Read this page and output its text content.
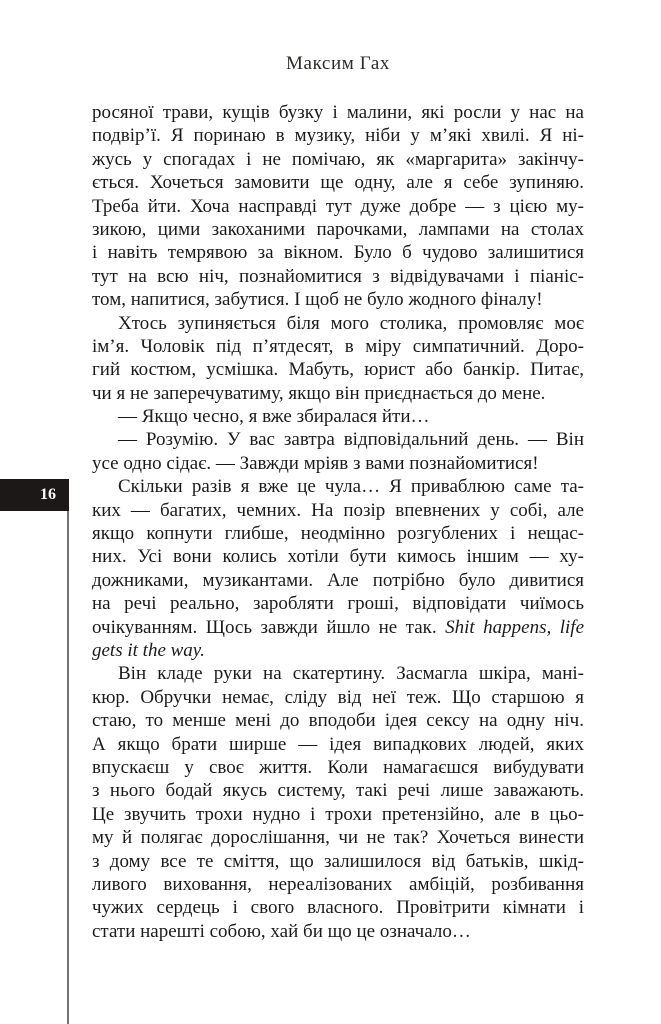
Максим Гах
16
росяної трави, кущів бузку і малини, які росли у нас на
подвір’ї. Я поринаю в музику, ніби у м’які хвилі. Я ні-
жусь у спогадах і не помічаю, як «маргарита» закінчу-
ється. Хочеться замовити ще одну, але я себе зупиняю.
Треба йти. Хоча насправді тут дуже добре — з цією му-
зикою, цими закоханими парочками, лампами на столах
і навіть темрявою за вікном. Було б чудово залишитися
тут на всю ніч, познайомитися з відвідувачами і піаніс-
том, напитися, забутися. І щоб не було жодного фіналу!
Хтось зупиняється біля мого столика, промовляє моє
ім’я. Чоловік під п’ятдесят, в міру симпатичний. Доро-
гий костюм, усмішка. Мабуть, юрист або банкір. Питає,
чи я не заперечуватиму, якщо він приєднається до мене.
— Якщо чесно, я вже збиралася йти…
— Розумію. У вас завтра відповідальний день. — Він
усе одно сідає. — Завжди мріяв з вами познайомитися!
Скільки разів я вже це чула… Я приваблюю саме та-
ких — багатих, чемних. На позір впевнених у собі, але
якщо копнути глибше, неодмінно розгублених і нещас-
них. Усі вони колись хотіли бути кимось іншим — ху-
дожниками, музикантами. Але потрібно було дивитися
на речі реально, заробляти гроші, відповідати чиїмось
очікуванням. Щось завжди йшло не так. Shit happens, life
gets it the way.
Він кладе руки на скатертину. Засмагла шкіра, мані-
кюр. Обручки немає, сліду від неї теж. Що старшою я
стаю, то менше мені до вподоби ідея сексу на одну ніч.
А якщо брати ширше — ідея випадкових людей, яких
впускаєш у своє життя. Коли намагаєшся вибудувати
з нього бодай якусь систему, такі речі лише заважають.
Це звучить трохи нудно і трохи претензійно, але в цьо-
му й полягає дорослішання, чи не так? Хочеться винести
з дому все те сміття, що залишилося від батьків, шкід-
ливого виховання, нереалізованих амбіцій, розбивання
чужих сердець і свого власного. Провітрити кімнати і
стати нарешті собою, хай би що це означало…
